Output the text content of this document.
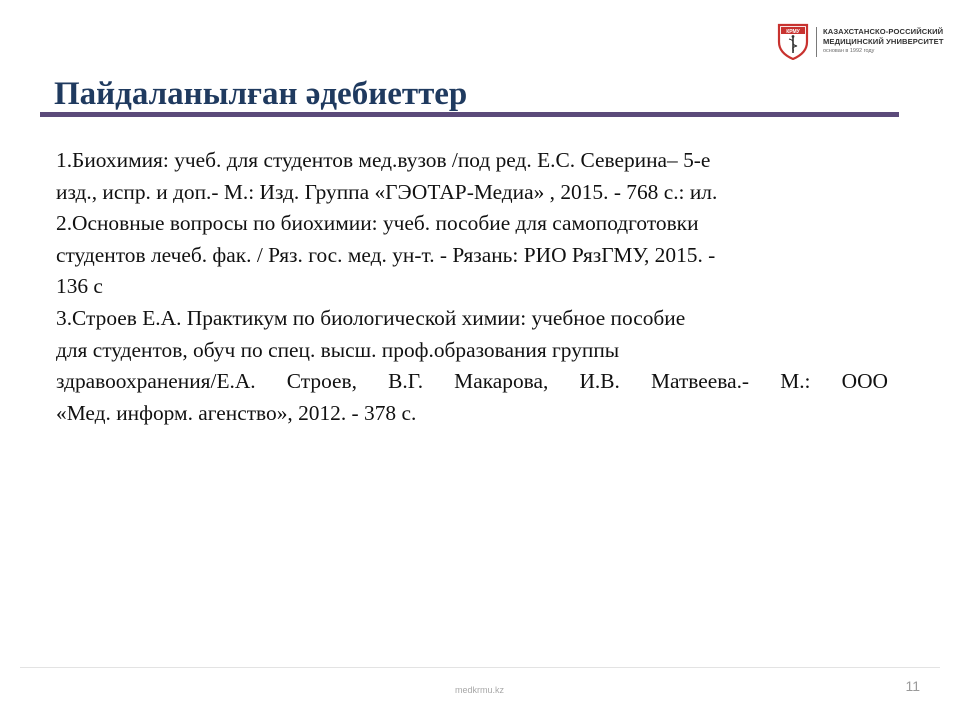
КРМУ	КАЗАХСТАНСКО-РОССИЙСКИЙ
МЕДИЦИНСКИЙ УНИВЕРСИТЕТ
основан в 1992 году
Пайдаланылған әдебиеттер
1.Биохимия: учеб. для студентов мед.вузов /под ред. Е.С. Северина– 5-е
изд., испр. и доп.- М.: Изд. Группа «ГЭОТАР-Медиа» , 2015. - 768 с.: ил.
2.Основные вопросы по биохимии: учеб. пособие для самоподготовки
студентов лечеб. фак. / Ряз. гос. мед. ун-т. - Рязань: РИО РязГМУ, 2015. -
136 с
3.Строев Е.А. Практикум по биологической химии: учебное пособие
для студентов, обуч по спец. высш. проф.образования группы
здравоохранения/Е.А. Строев, В.Г. Макарова, И.В. Матвеева.- М.: ООО
«Мед. информ. агенство», 2012. - 378 с.
medkrmu.kz	11
